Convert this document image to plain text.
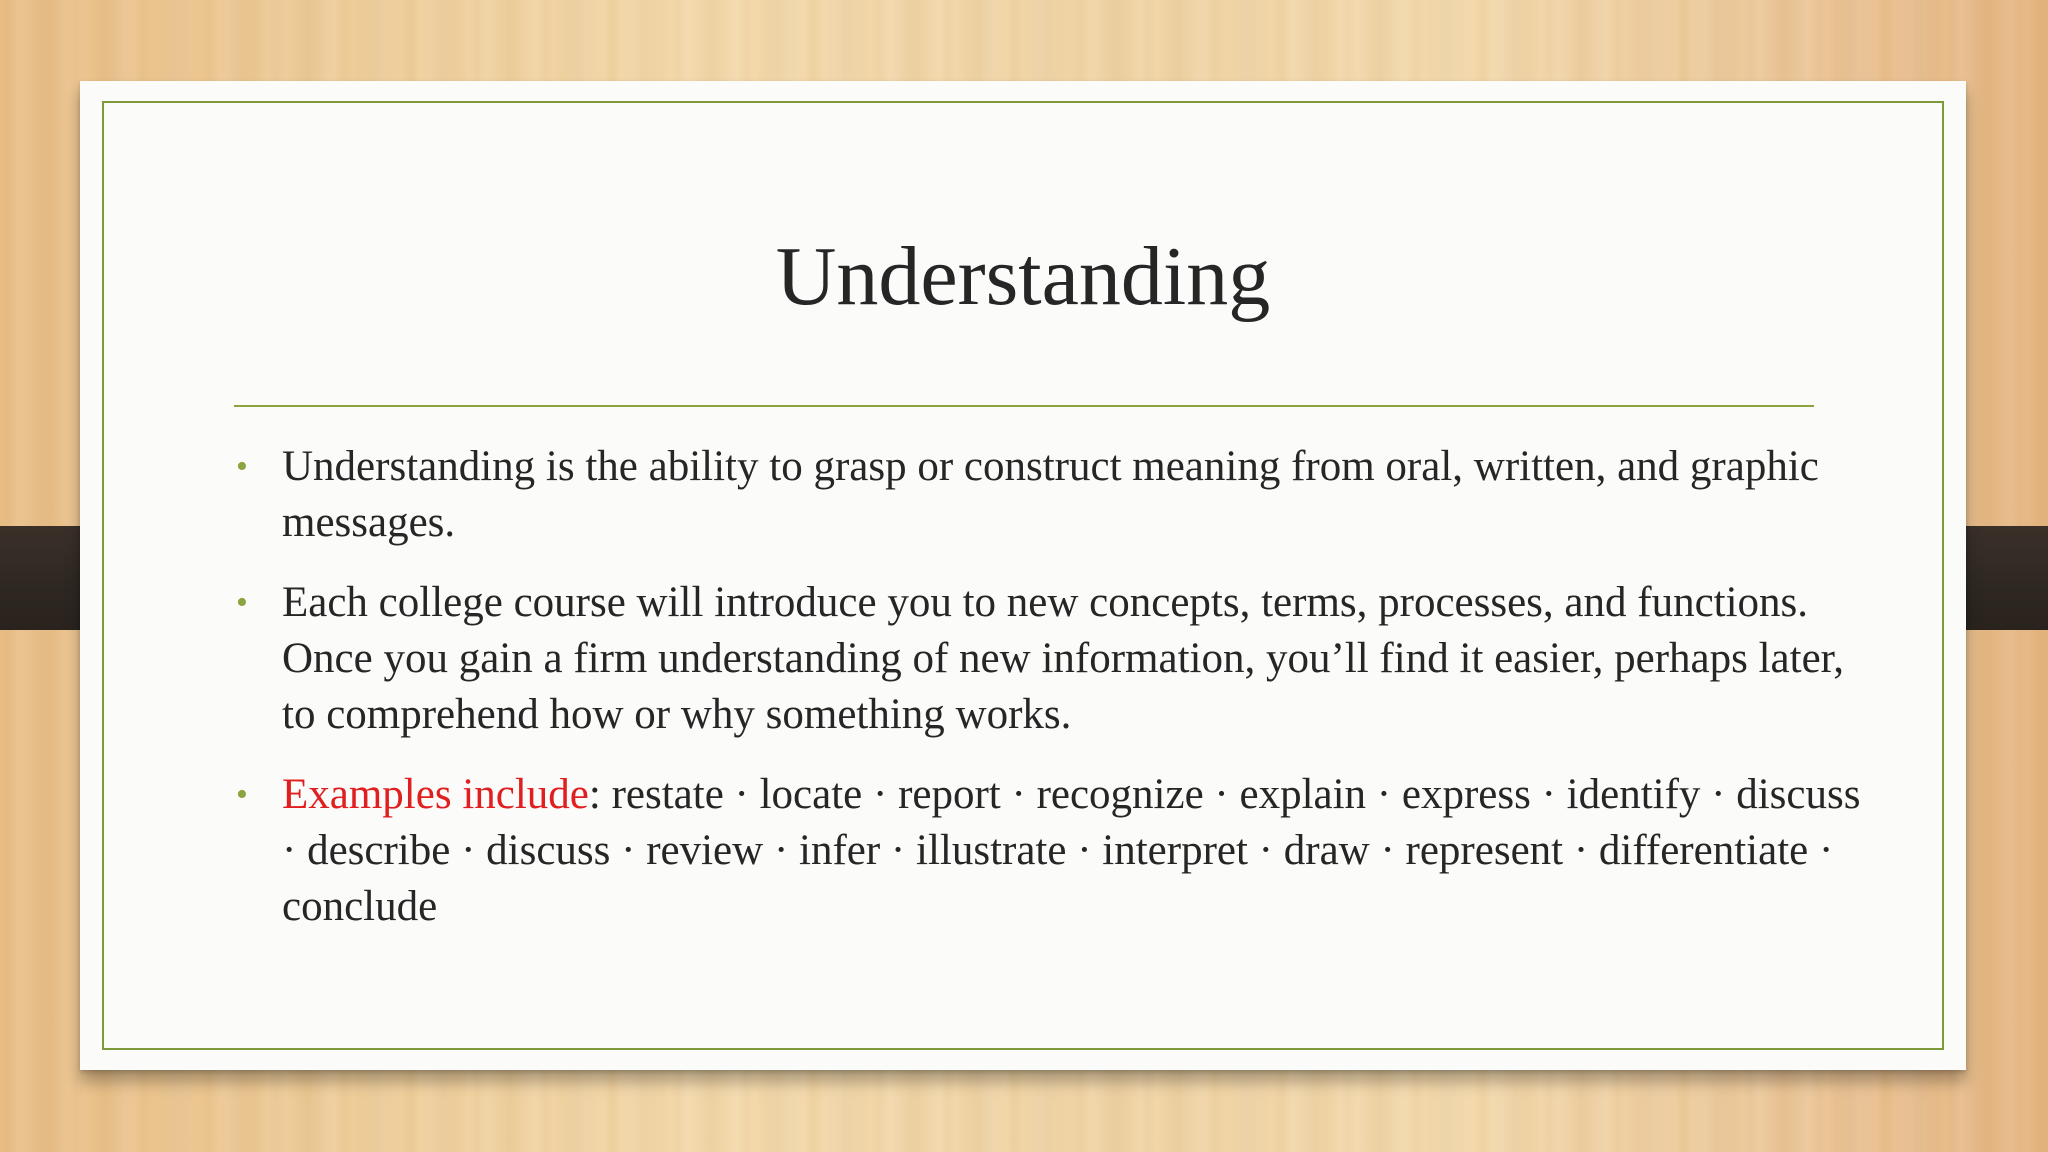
Understanding
• Understanding is the ability to grasp or construct meaning from oral, written, and graphic messages.
• Each college course will introduce you to new concepts, terms, processes, and functions. Once you gain a firm understanding of new information, you’ll find it easier, perhaps later, to comprehend how or why something works.
• Examples include: restate · locate · report · recognize · explain · express · identify · discuss · describe · discuss · review · infer · illustrate · interpret · draw · represent · differentiate · conclude
